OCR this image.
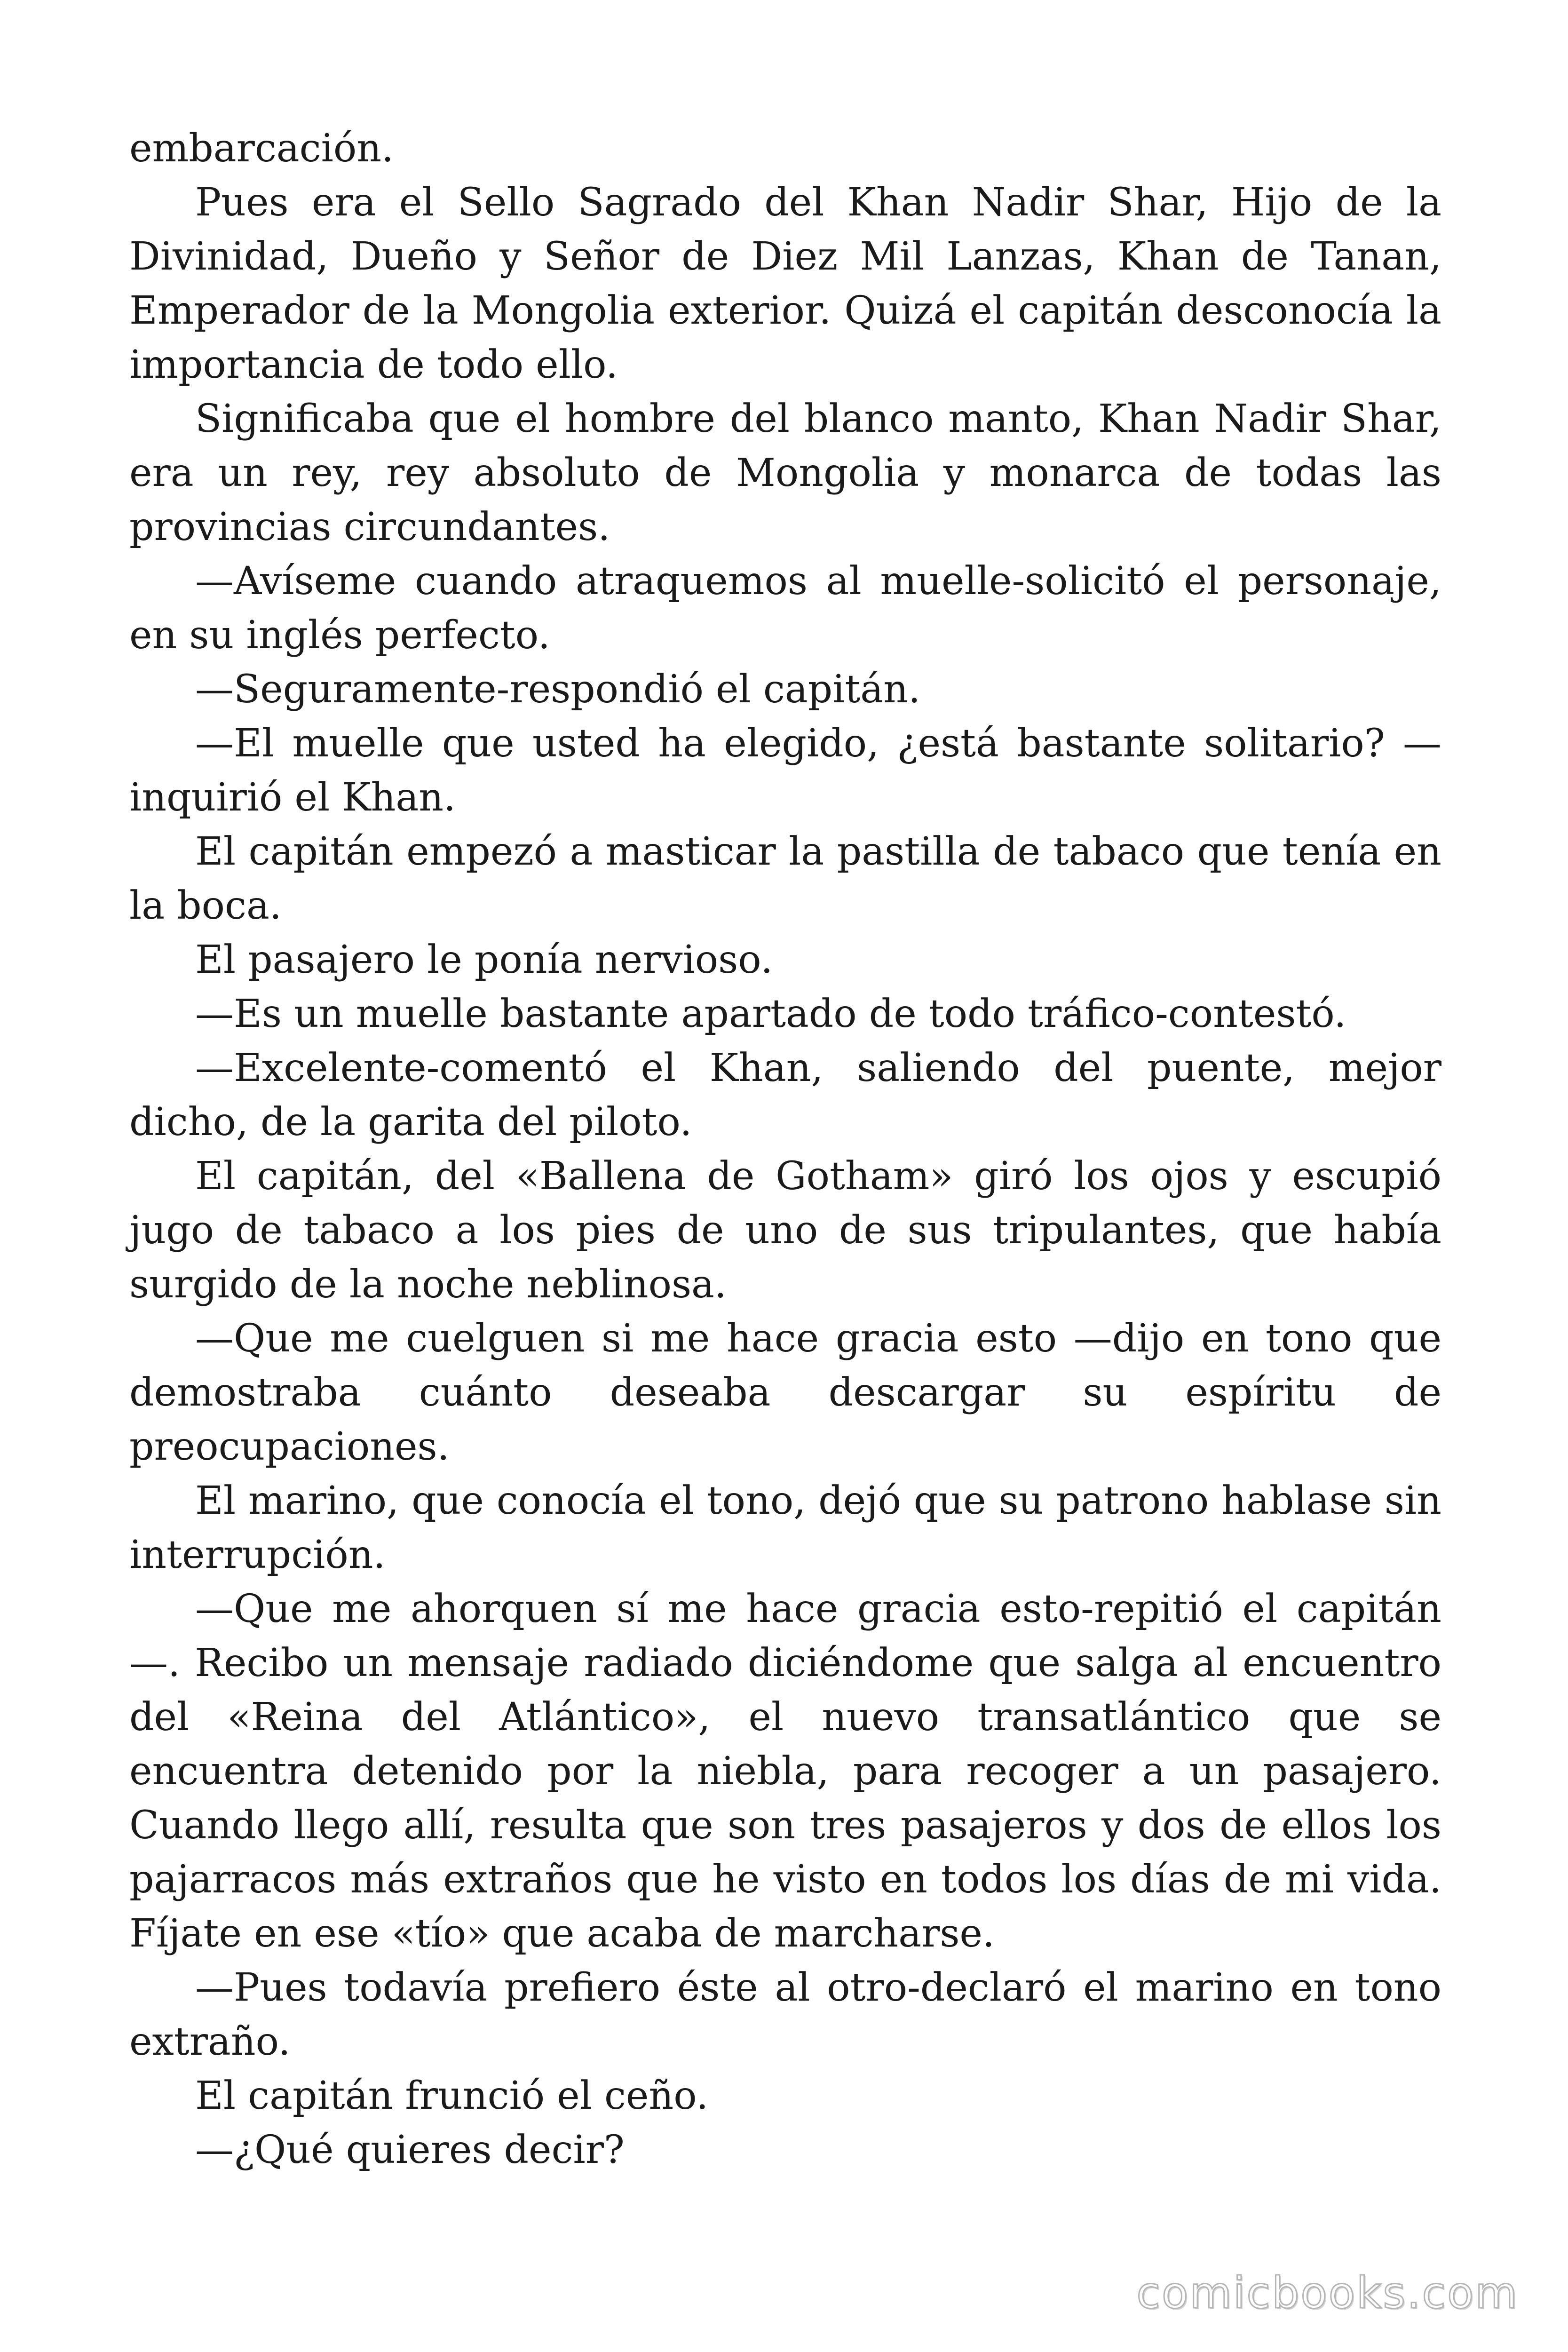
embarcación.

Pues era el Sello Sagrado del Khan Nadir Shar, Hijo de la Divinidad, Dueño y Señor de Diez Mil Lanzas, Khan de Tanan, Emperador de la Mongolia exterior. Quizá el capitán desconocía la importancia de todo ello.

Significaba que el hombre del blanco manto, Khan Nadir Shar, era un rey, rey absoluto de Mongolia y monarca de todas las provincias circundantes.

—Avíseme cuando atraquemos al muelle-solicitó el personaje, en su inglés perfecto.

—Seguramente-respondió el capitán.

—El muelle que usted ha elegido, ¿está bastante solitario? — inquirió el Khan.

El capitán empezó a masticar la pastilla de tabaco que tenía en la boca.

El pasajero le ponía nervioso.

—Es un muelle bastante apartado de todo tráfico-contestó.

—Excelente-comentó el Khan, saliendo del puente, mejor dicho, de la garita del piloto.

El capitán, del «Ballena de Gotham» giró los ojos y escupió jugo de tabaco a los pies de uno de sus tripulantes, que había surgido de la noche neblinosa.

—Que me cuelguen si me hace gracia esto —dijo en tono que demostraba cuánto deseaba descargar su espíritu de preocupaciones.

El marino, que conocía el tono, dejó que su patrono hablase sin interrupción.

—Que me ahorquen sí me hace gracia esto-repitió el capitán —. Recibo un mensaje radiado diciéndome que salga al encuentro del «Reina del Atlántico», el nuevo transatlántico que se encuentra detenido por la niebla, para recoger a un pasajero. Cuando llego allí, resulta que son tres pasajeros y dos de ellos los pajarracos más extraños que he visto en todos los días de mi vida. Fíjate en ese «tío» que acaba de marcharse.

—Pues todavía prefiero éste al otro-declaró el marino en tono extraño.

El capitán frunció el ceño.

—¿Qué quieres decir?

comicbooks.com
